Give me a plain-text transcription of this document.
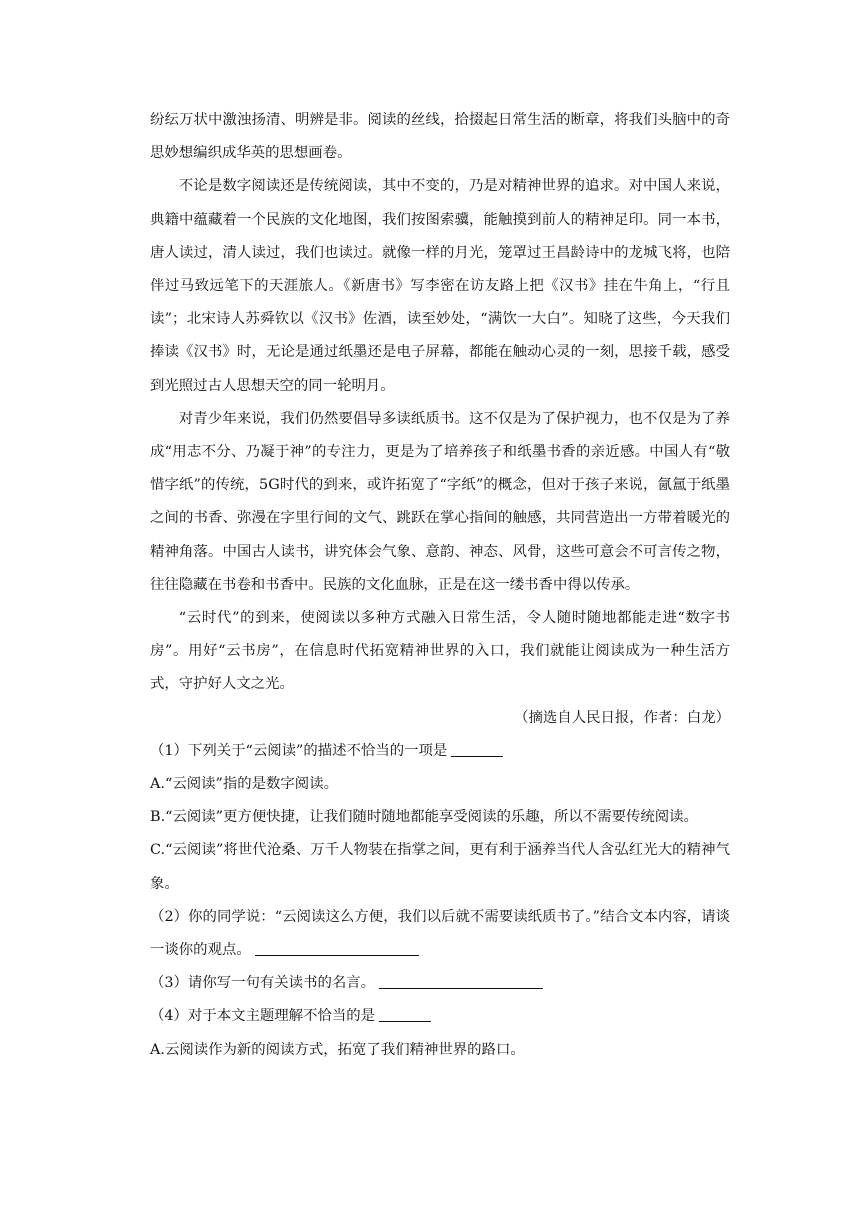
纷纭万状中激浊扬清、明辨是非。阅读的丝线，拾掇起日常生活的断章，将我们头脑中的奇思妙想编织成华英的思想画卷。

不论是数字阅读还是传统阅读，其中不变的，乃是对精神世界的追求。对中国人来说，典籍中蕴藏着一个民族的文化地图，我们按图索骥，能触摸到前人的精神足印。同一本书，唐人读过，清人读过，我们也读过。就像一样的月光，笼罩过王昌龄诗中的龙城飞将，也陪伴过马致远笔下的天涯旅人。《新唐书》写李密在访友路上把《汉书》挂在牛角上，“行且读”；北宋诗人苏舜钦以《汉书》佐酒，读至妙处，“满饮一大白”。知晓了这些，今天我们捧读《汉书》时，无论是通过纸墨还是电子屏幕，都能在触动心灵的一刻，思接千载，感受到光照过古人思想天空的同一轮明月。

对青少年来说，我们仍然要倡导多读纸质书。这不仅是为了保护视力，也不仅是为了养成“用志不分、乃凝于神”的专注力，更是为了培养孩子和纸墨书香的亲近感。中国人有“敬惜字纸”的传统，5G时代的到来，或许拓宽了“字纸”的概念，但对于孩子来说，氤氲于纸墨之间的书香、弥漫在字里行间的文气、跳跃在掌心指间的触感，共同营造出一方带着暖光的精神角落。中国古人读书，讲究体会气象、意韵、神态、风骨，这些可意会不可言传之物，往往隐藏在书卷和书香中。民族的文化血脉，正是在这一缕书香中得以传承。

“云时代”的到来，使阅读以多种方式融入日常生活，令人随时随地都能走进“数字书房”。用好“云书房”，在信息时代拓宽精神世界的入口，我们就能让阅读成为一种生活方式，守护好人文之光。

（摘选自人民日报，作者：白龙）

（1）下列关于“云阅读”的描述不恰当的一项是

A.“云阅读”指的是数字阅读。

B.“云阅读”更方便快捷，让我们随时随地都能享受阅读的乐趣，所以不需要传统阅读。

C.“云阅读”将世代沧桑、万千人物装在指掌之间，更有利于涵养当代人含弘红光大的精神气象。

（2）你的同学说：“云阅读这么方便，我们以后就不需要读纸质书了。”结合文本内容，请谈一谈你的观点。

（3）请你写一句有关读书的名言。

（4）对于本文主题理解不恰当的是

A.云阅读作为新的阅读方式，拓宽了我们精神世界的路口。
